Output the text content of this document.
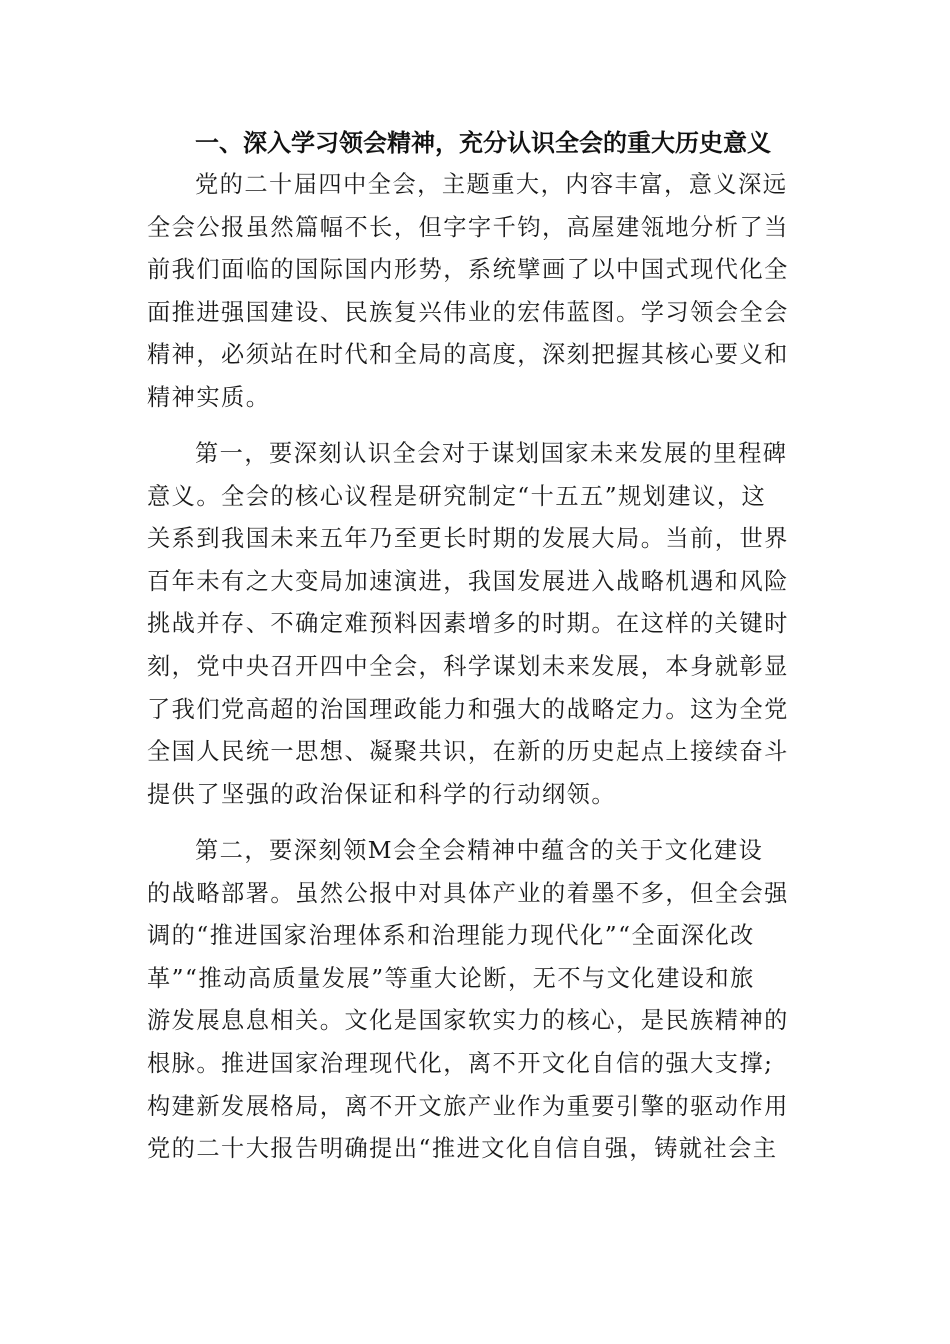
一、深入学习领会精神，充分认识全会的重大历史意义
党的二十届四中全会，主题重大，内容丰富，意义深远
全会公报虽然篇幅不长，但字字千钧，高屋建瓴地分析了当
前我们面临的国际国内形势，系统擘画了以中国式现代化全
面推进强国建设、民族复兴伟业的宏伟蓝图。学习领会全会
精神，必须站在时代和全局的高度，深刻把握其核心要义和
精神实质。
第一，要深刻认识全会对于谋划国家未来发展的里程碑
意义。全会的核心议程是研究制定“十五五”规划建议，这
关系到我国未来五年乃至更长时期的发展大局。当前，世界
百年未有之大变局加速演进，我国发展进入战略机遇和风险
挑战并存、不确定难预料因素增多的时期。在这样的关键时
刻，党中央召开四中全会，科学谋划未来发展，本身就彰显
了我们党高超的治国理政能力和强大的战略定力。这为全党
全国人民统一思想、凝聚共识，在新的历史起点上接续奋斗
提供了坚强的政治保证和科学的行动纲领。
第二，要深刻领M会全会精神中蕴含的关于文化建设
的战略部署。虽然公报中对具体产业的着墨不多，但全会强
调的“推进国家治理体系和治理能力现代化”“全面深化改
革”“推动高质量发展”等重大论断，无不与文化建设和旅
游发展息息相关。文化是国家软实力的核心，是民族精神的
根脉。推进国家治理现代化，离不开文化自信的强大支撑;
构建新发展格局，离不开文旅产业作为重要引擎的驱动作用
党的二十大报告明确提出“推进文化自信自强，铸就社会主
